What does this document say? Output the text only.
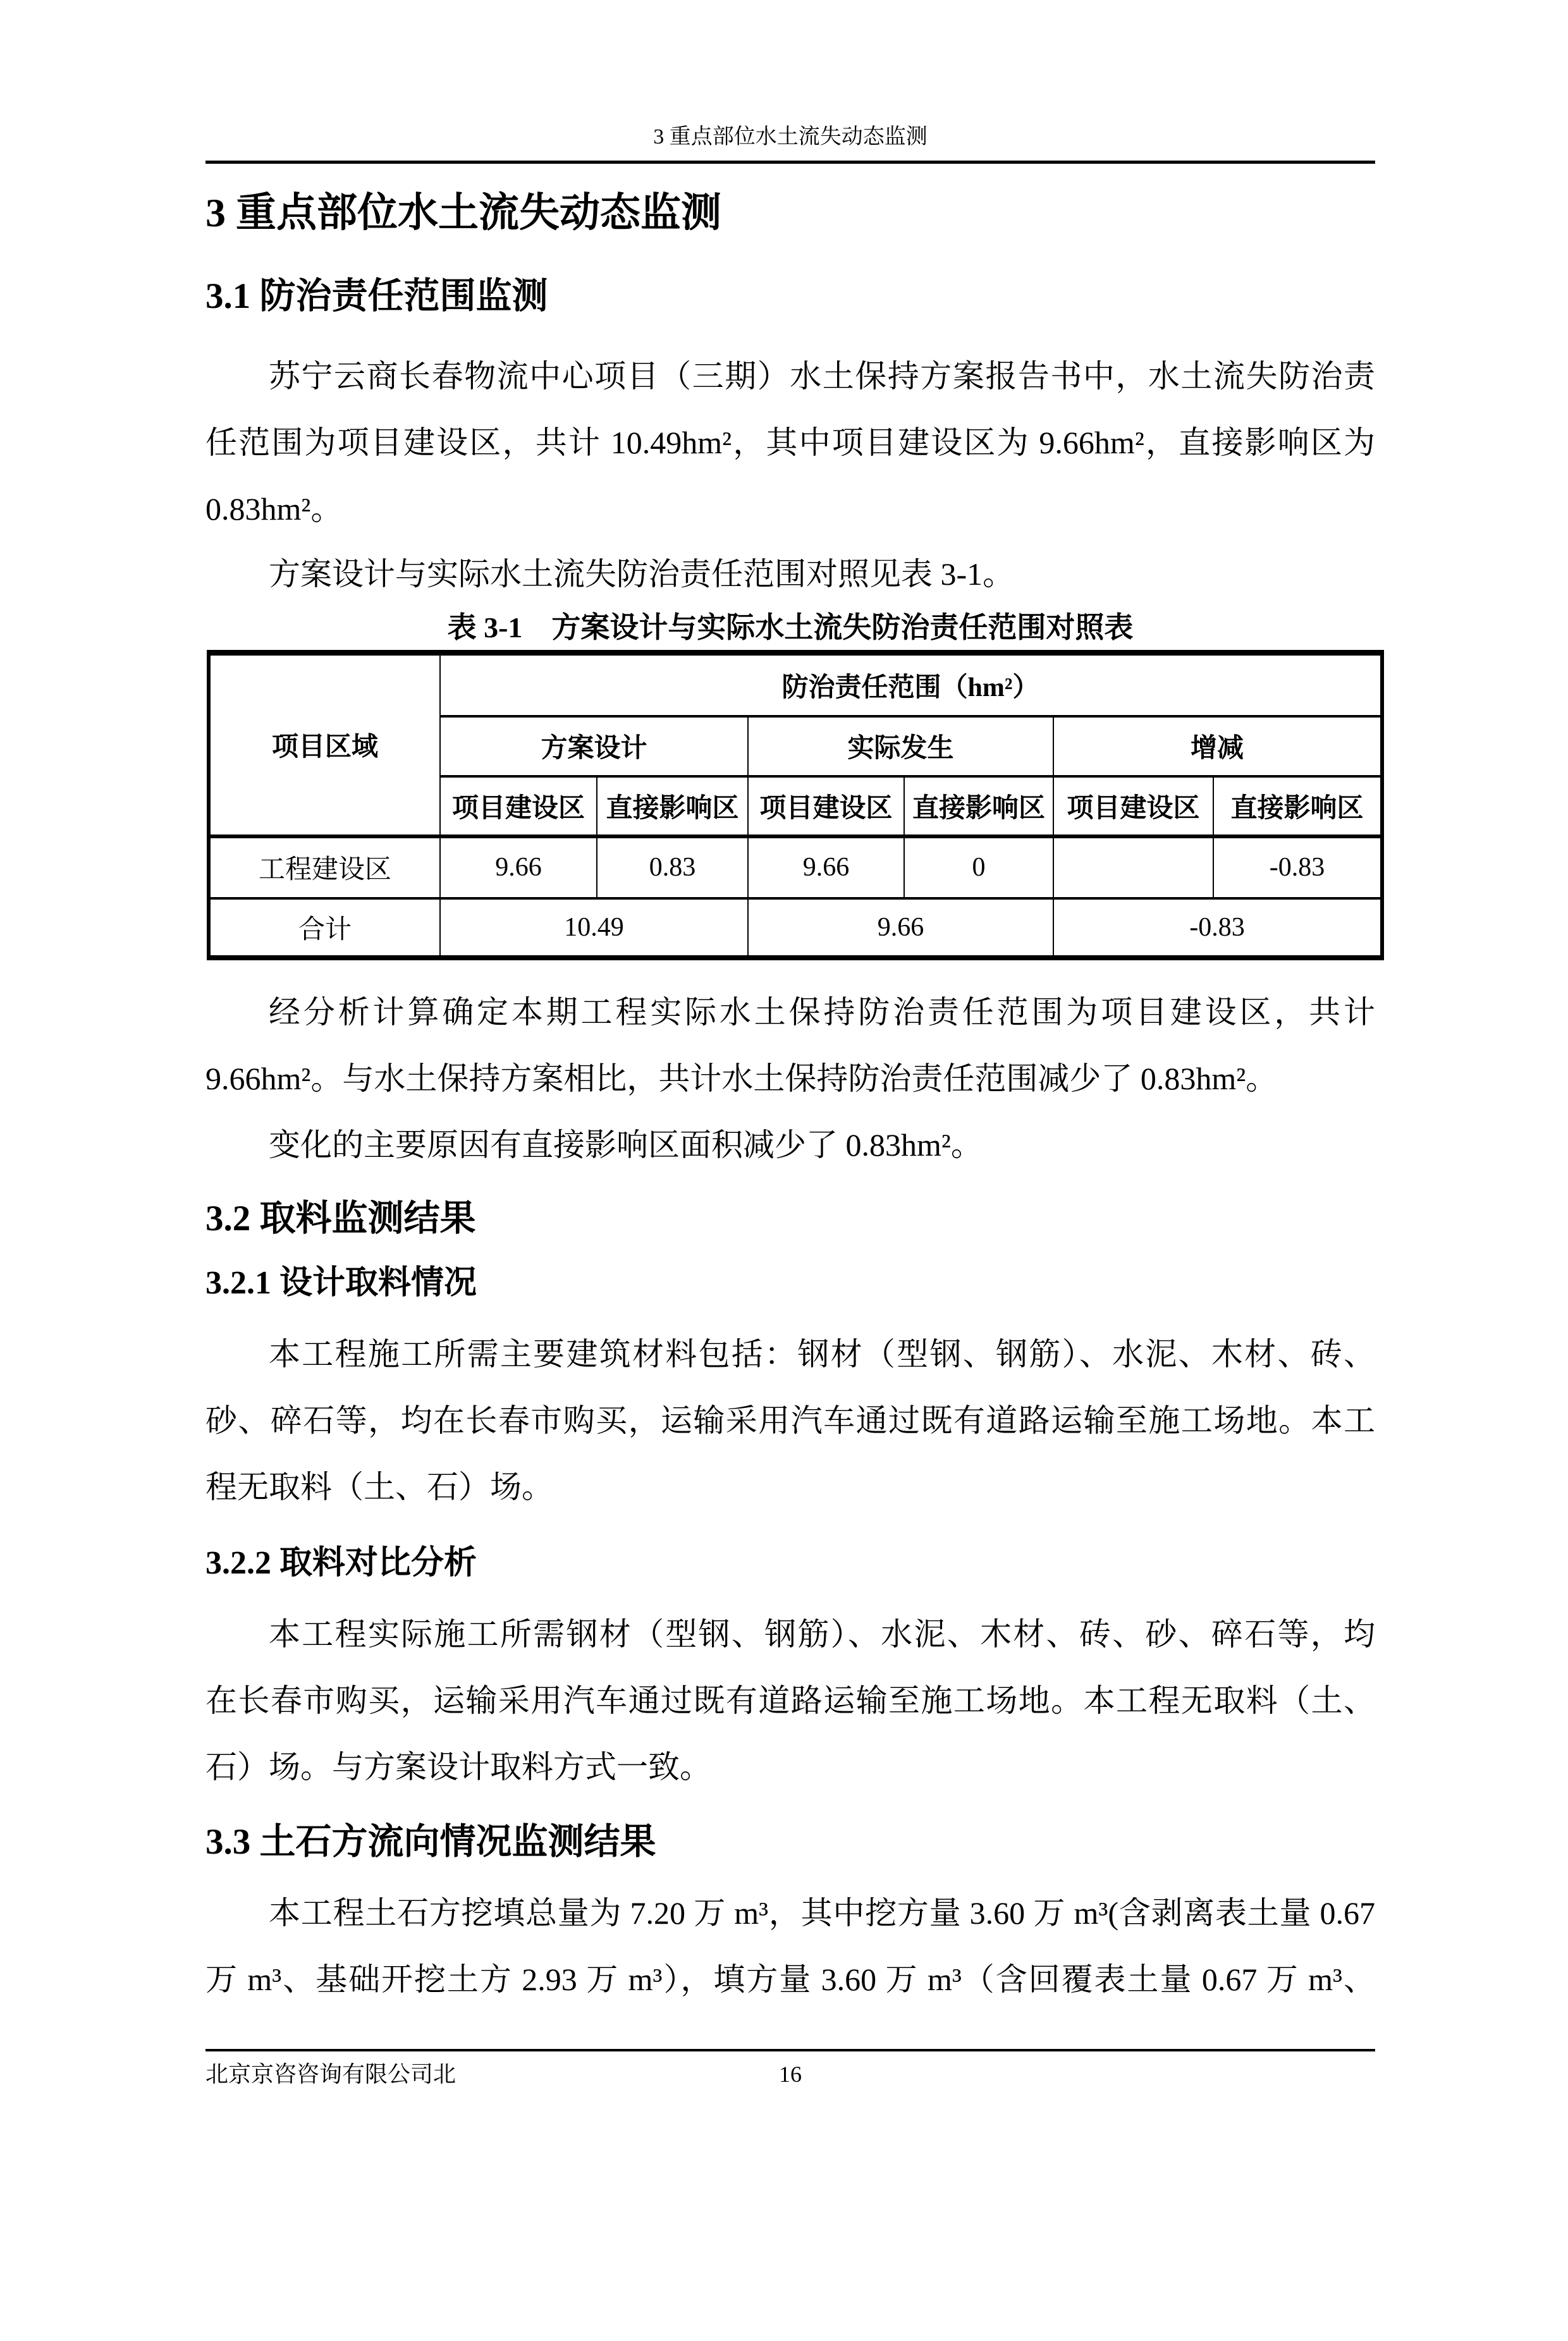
3 重点部位水土流失动态监测
3 重点部位水土流失动态监测
3.1 防治责任范围监测
苏宁云商长春物流中心项目（三期）水土保持方案报告书中，水土流失防治责
任范围为项目建设区，共计 10.49hm²，其中项目建设区为 9.66hm²，直接影响区为
0.83hm²。
方案设计与实际水土流失防治责任范围对照见表 3-1。
表 3-1　方案设计与实际水土流失防治责任范围对照表
项目区域	防治责任范围（hm²）					
	方案设计		实际发生		增减	
	项目建设区	直接影响区	项目建设区	直接影响区	项目建设区	直接影响区
工程建设区	9.66	0.83	9.66	0		-0.83
合计	10.49		9.66		-0.83	
经分析计算确定本期工程实际水土保持防治责任范围为项目建设区，共计
9.66hm²。与水土保持方案相比，共计水土保持防治责任范围减少了 0.83hm²。
变化的主要原因有直接影响区面积减少了 0.83hm²。
3.2 取料监测结果
3.2.1 设计取料情况
本工程施工所需主要建筑材料包括：钢材（型钢、钢筋）、水泥、木材、砖、
砂、碎石等，均在长春市购买，运输采用汽车通过既有道路运输至施工场地。本工
程无取料（土、石）场。
3.2.2 取料对比分析
本工程实际施工所需钢材（型钢、钢筋）、水泥、木材、砖、砂、碎石等，均
在长春市购买，运输采用汽车通过既有道路运输至施工场地。本工程无取料（土、
石）场。与方案设计取料方式一致。
3.3 土石方流向情况监测结果
本工程土石方挖填总量为 7.20 万 m³，其中挖方量 3.60 万 m³(含剥离表土量 0.67
万 m³、基础开挖土方 2.93 万 m³），填方量 3.60 万 m³（含回覆表土量 0.67 万 m³、
北京京咨咨询有限公司北	16
